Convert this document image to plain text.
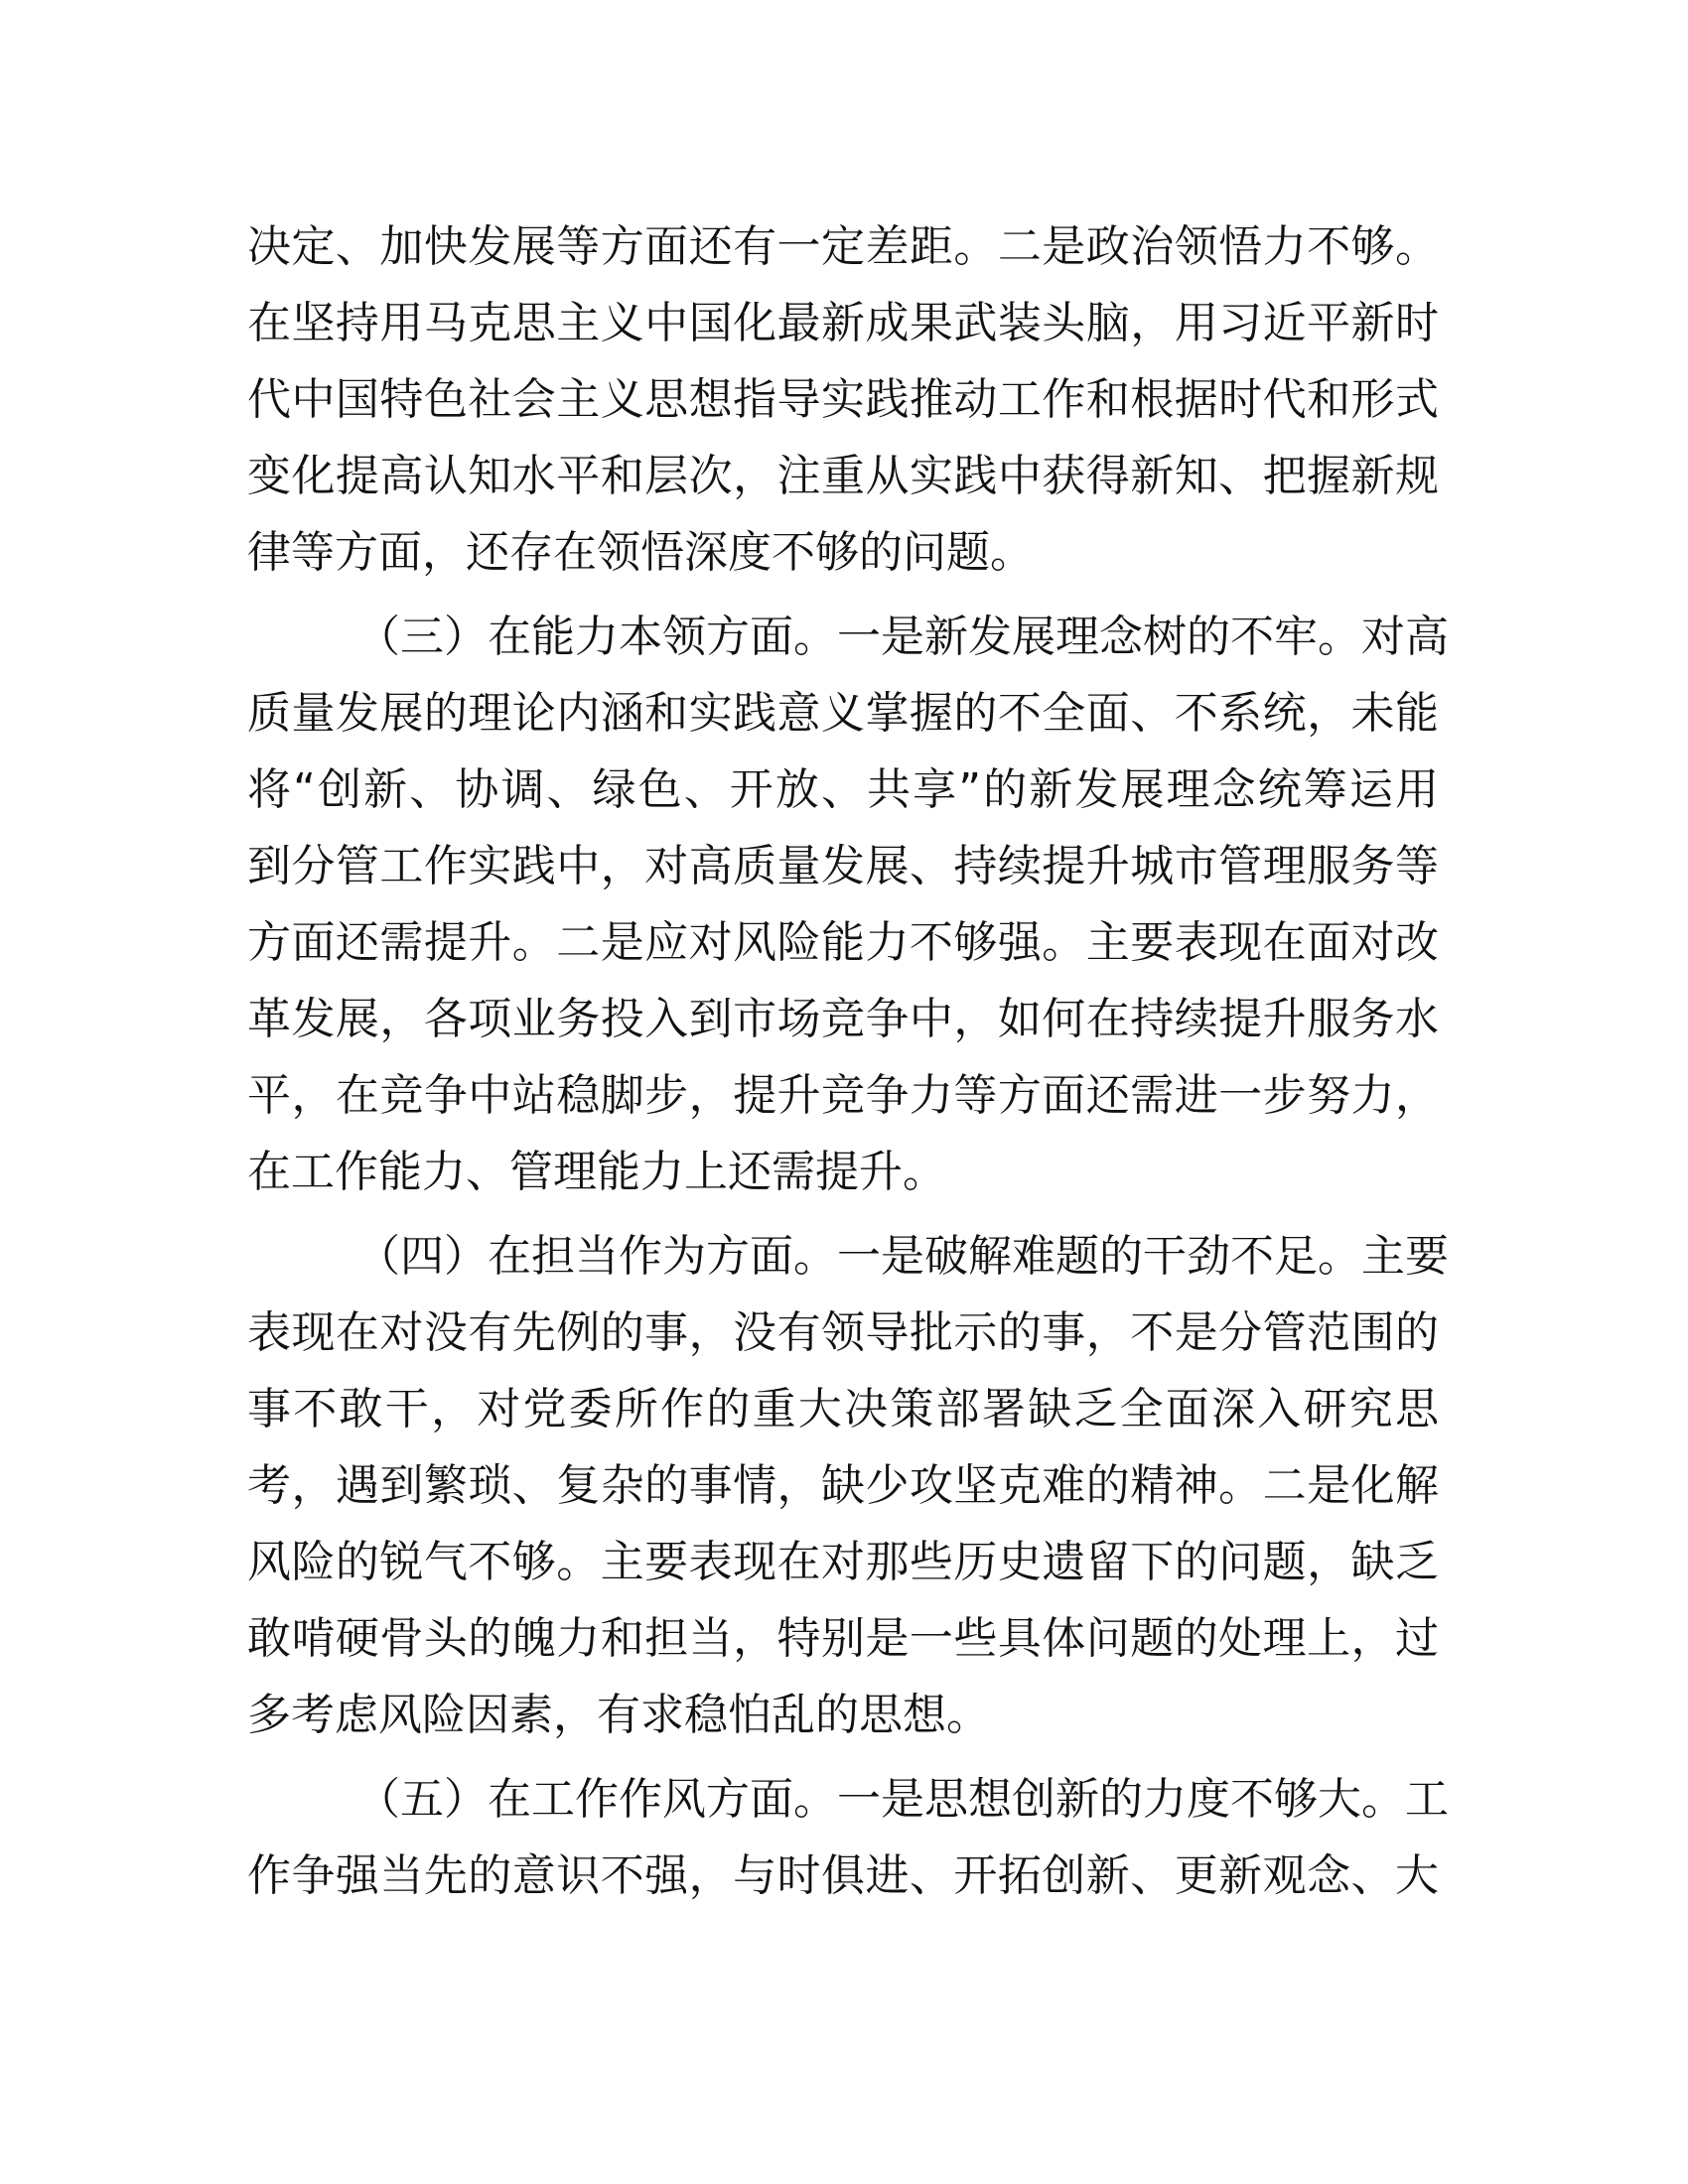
决定、加快发展等方面还有一定差距。二是政治领悟力不够。
在坚持用马克思主义中国化最新成果武装头脑，用习近平新时
代中国特色社会主义思想指导实践推动工作和根据时代和形式
变化提高认知水平和层次，注重从实践中获得新知、把握新规
律等方面，还存在领悟深度不够的问题。
（三）在能力本领方面。一是新发展理念树的不牢。对高
质量发展的理论内涵和实践意义掌握的不全面、不系统，未能
将“创新、协调、绿色、开放、共享”的新发展理念统筹运用
到分管工作实践中，对高质量发展、持续提升城市管理服务等
方面还需提升。二是应对风险能力不够强。主要表现在面对改
革发展，各项业务投入到市场竞争中，如何在持续提升服务水
平，在竞争中站稳脚步，提升竞争力等方面还需进一步努力，
在工作能力、管理能力上还需提升。
（四）在担当作为方面。一是破解难题的干劲不足。主要
表现在对没有先例的事，没有领导批示的事，不是分管范围的
事不敢干，对党委所作的重大决策部署缺乏全面深入研究思
考，遇到繁琐、复杂的事情，缺少攻坚克难的精神。二是化解
风险的锐气不够。主要表现在对那些历史遗留下的问题，缺乏
敢啃硬骨头的魄力和担当，特别是一些具体问题的处理上，过
多考虑风险因素，有求稳怕乱的思想。
（五）在工作作风方面。一是思想创新的力度不够大。工
作争强当先的意识不强，与时俱进、开拓创新、更新观念、大
